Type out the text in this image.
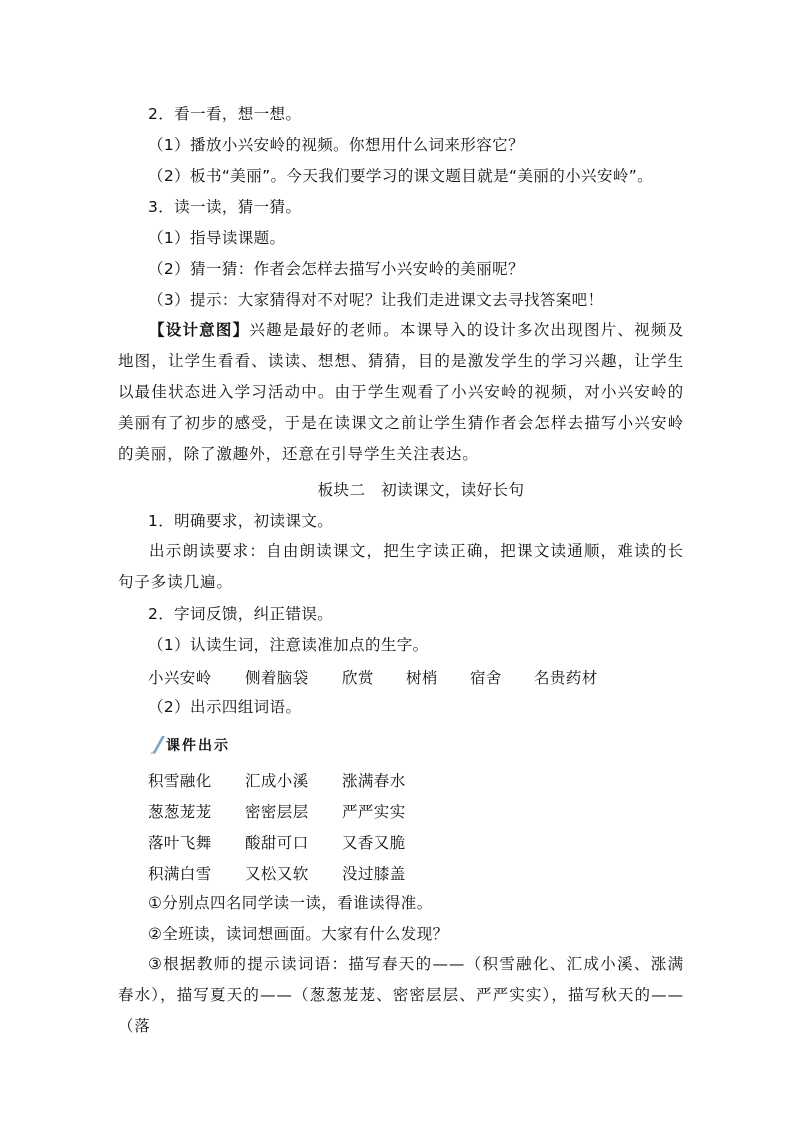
2．看一看，想一想。
（1）播放小兴安岭的视频。你想用什么词来形容它？
（2）板书“美丽”。今天我们要学习的课文题目就是“美丽的小兴安岭”。
3．读一读，猜一猜。
（1）指导读课题。
（2）猜一猜：作者会怎样去描写小兴安岭的美丽呢？
（3）提示：大家猜得对不对呢？让我们走进课文去寻找答案吧！
【设计意图】兴趣是最好的老师。本课导入的设计多次出现图片、视频及地图，让学生看看、读读、想想、猜猜，目的是激发学生的学习兴趣，让学生以最佳状态进入学习活动中。由于学生观看了小兴安岭的视频，对小兴安岭的美丽有了初步的感受，于是在读课文之前让学生猜作者会怎样去描写小兴安岭的美丽，除了激趣外，还意在引导学生关注表达。
板块二　初读课文，读好长句
1．明确要求，初读课文。
出示朗读要求：自由朗读课文，把生字读正确，把课文读通顺，难读的长句子多读几遍。
2．字词反馈，纠正错误。
（1）认读生词，注意读准加点的生字。
小兴安岭 侧着脑袋 欣赏 树梢 宿舍 名贵药材
（2）出示四组词语。
课件出示
积雪融化 汇成小溪 涨满春水
葱葱茏茏 密密层层 严严实实
落叶飞舞 酸甜可口 又香又脆
积满白雪 又松又软 没过膝盖
①分别点四名同学读一读，看谁读得准。
②全班读，读词想画面。大家有什么发现？
③根据教师的提示读词语：描写春天的——（积雪融化、汇成小溪、涨满春水），描写夏天的——（葱葱茏茏、密密层层、严严实实），描写秋天的——（落
